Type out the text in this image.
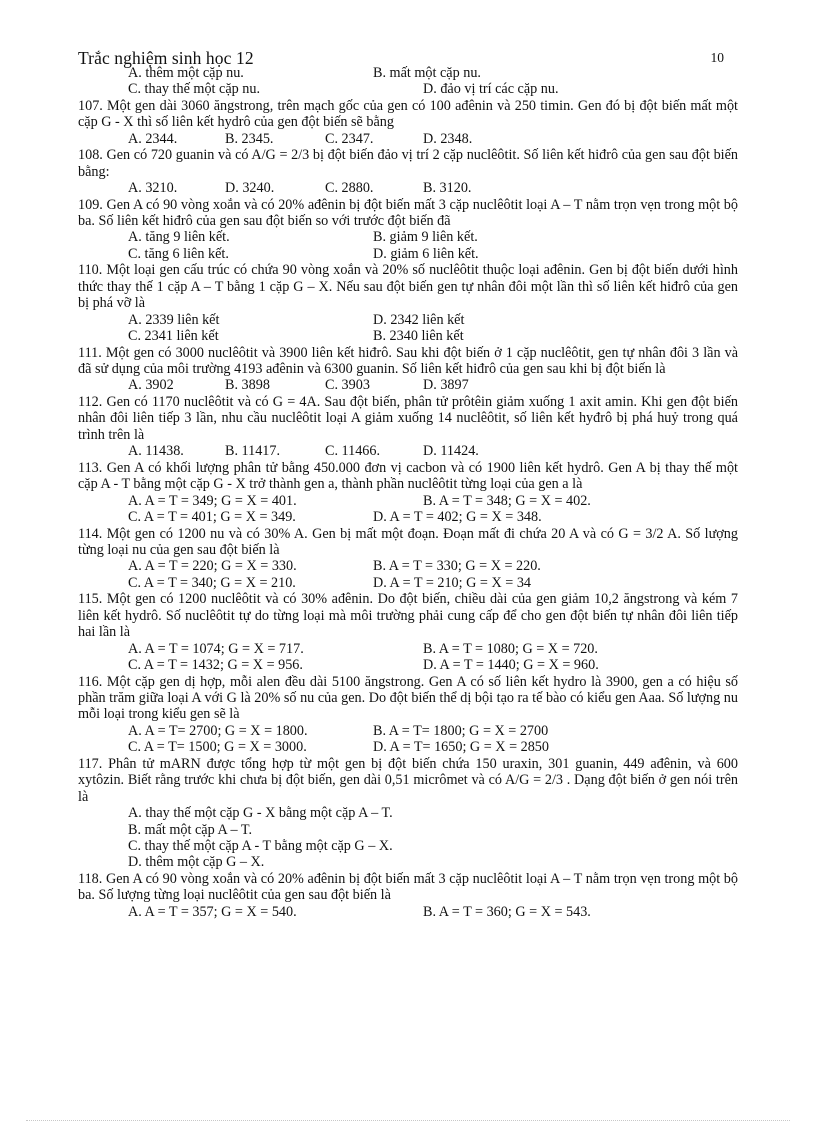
Trắc nghiệm sinh học 12	10
A. thêm một cặp nu.	B. mất một cặp nu.
C. thay thế một cặp nu.	D. đảo vị trí các cặp nu.
107. Một gen dài 3060 ăngstrong, trên mạch gốc của gen có 100 ađênin và 250 timin. Gen đó bị đột biến mất một cặp G - X thì số liên kết hydrô của gen đột biến sẽ bằng
A. 2344.	B. 2345.	C. 2347.	D. 2348.
108. Gen có 720 guanin và có A/G = 2/3 bị đột biến đảo vị trí 2 cặp nuclêôtit. Số liên kết hiđrô của gen sau đột biến bằng:
A. 3210.	D. 3240.	C. 2880.	B. 3120.
109. Gen A có 90 vòng xoắn và có 20% ađênin bị đột biến mất 3 cặp nuclêôtit loại A – T nằm trọn vẹn trong một bộ ba. Số liên kết hiđrô của gen sau đột biến so với trước đột biến đã
A. tăng 9 liên kết.	B. giảm 9 liên kết.
C. tăng 6 liên kết.	D. giảm 6 liên kết.
110. Một loại gen cấu trúc có chứa 90 vòng xoắn và 20% số nuclêôtit thuộc loại ađênin. Gen bị đột biến dưới hình thức thay thế 1 cặp A – T bằng 1 cặp G – X. Nếu sau đột biến gen tự nhân đôi một lần thì số liên kết hiđrô của gen bị phá vỡ là
A. 2339 liên kết	D. 2342 liên kết
C. 2341 liên kết	B. 2340 liên kết
111. Một gen có 3000 nuclêôtit và 3900 liên kết hiđrô. Sau khi đột biến ở 1 cặp nuclêôtit, gen tự nhân đôi 3 lần và đã sử dụng của môi trường 4193 ađênin và 6300 guanin. Số liên kết hiđrô của gen sau khi bị đột biến là
A. 3902	B. 3898	C. 3903	D. 3897
112. Gen có 1170 nuclêôtit và có G = 4A. Sau đột biến, phân tử prôtêin giảm xuống 1 axit amin. Khi gen đột biến nhân đôi liên tiếp 3 lần, nhu cầu nuclêôtit loại A giảm xuống 14 nuclêôtit, số liên kết hyđrô bị phá huỷ trong quá trình trên là
A. 11438.	B. 11417.	C. 11466.	D. 11424.
113. Gen A có khối lượng phân tử bằng 450.000 đơn vị cacbon và có 1900 liên kết hydrô. Gen A bị thay thế một cặp A - T bằng một cặp G - X trở thành gen a, thành phần nuclêôtit từng loại của gen a là
A. A = T = 349; G = X = 401.	B. A = T = 348; G = X = 402.
C. A = T = 401; G = X = 349.	D. A = T = 402; G = X = 348.
114. Một gen có 1200 nu và có 30% A. Gen bị mất một đoạn. Đoạn mất đi chứa 20 A và có G = 3/2 A. Số lượng từng loại nu của gen sau đột biến là
A. A = T = 220; G = X = 330.	B. A = T = 330; G = X = 220.
C. A = T = 340; G = X = 210.	D. A = T = 210; G = X = 34
115. Một gen có 1200 nuclêôtit và có 30% ađênin. Do đột biến, chiều dài của gen giảm 10,2 ăngstrong và kém 7 liên kết hydrô. Số nuclêôtit tự do từng loại mà môi trường phải cung cấp để cho gen đột biến tự nhân đôi liên tiếp hai lần là
A. A = T = 1074; G = X = 717.	B. A = T = 1080; G = X = 720.
C. A = T = 1432; G = X = 956.	D. A = T = 1440; G = X = 960.
116. Một cặp gen dị hợp, mỗi alen đều dài 5100 ăngstrong. Gen A có số liên kết hydro là 3900, gen a có hiệu số phần trăm giữa loại A với G là 20% số nu của gen. Do đột biến thể dị bội tạo ra tế bào có kiểu gen Aaa. Số lượng nu mỗi loại trong kiểu gen sẽ là
A. A = T= 2700; G = X = 1800.	B. A = T= 1800; G = X = 2700
C. A = T= 1500; G = X = 3000.	D. A = T= 1650; G = X = 2850
117. Phân tử mARN được tổng hợp từ một gen bị đột biến chứa 150 uraxin, 301 guanin, 449 ađênin, và 600 xytôzin. Biết rằng trước khi chưa bị đột biến, gen dài 0,51 micrômet và có A/G = 2/3 . Dạng đột biến ở gen nói trên là
A. thay thế một cặp G - X bằng một cặp A – T.
B. mất một cặp A – T.
C. thay thế một cặp A - T bằng một cặp G – X.
D. thêm một cặp G – X.
118. Gen A có 90 vòng xoắn và có 20% ađênin bị đột biến mất 3 cặp nuclêôtit loại A – T nằm trọn vẹn trong một bộ ba. Số lượng từng loại nuclêôtit của gen sau đột biến là
A. A = T = 357; G = X = 540.	B. A = T = 360; G = X = 543.
